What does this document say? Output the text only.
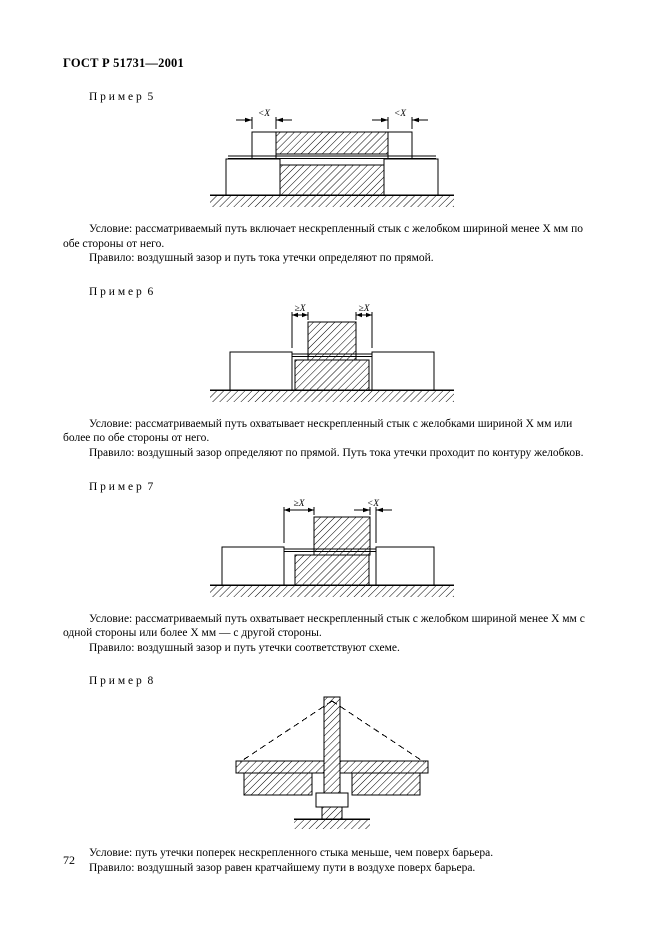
ГОСТ Р 51731—2001
П р и м е р  5
<X	<X

Условие: рассматриваемый путь включает нескрепленный стык с желобком шириной менее X мм по обе стороны от него.

Правило: воздушный зазор и путь тока утечки определяют по прямой.

П р и м е р  6
≥X	≥X

Условие: рассматриваемый путь охватывает нескрепленный стык с желобками шириной X мм или более по обе стороны от него.

Правило: воздушный зазор определяют по прямой. Путь тока утечки проходит по контуру желобков.

П р и м е р  7
≥X	<X

Условие: рассматриваемый путь охватывает нескрепленный стык с желобком шириной менее X мм с одной стороны или более X мм — с другой стороны.

Правило: воздушный зазор и путь утечки соответствуют схеме.

П р и м е р  8

Условие: путь утечки поперек нескрепленного стыка меньше, чем поверх барьера.

Правило: воздушный зазор равен кратчайшему пути в воздухе поверх барьера.

72
